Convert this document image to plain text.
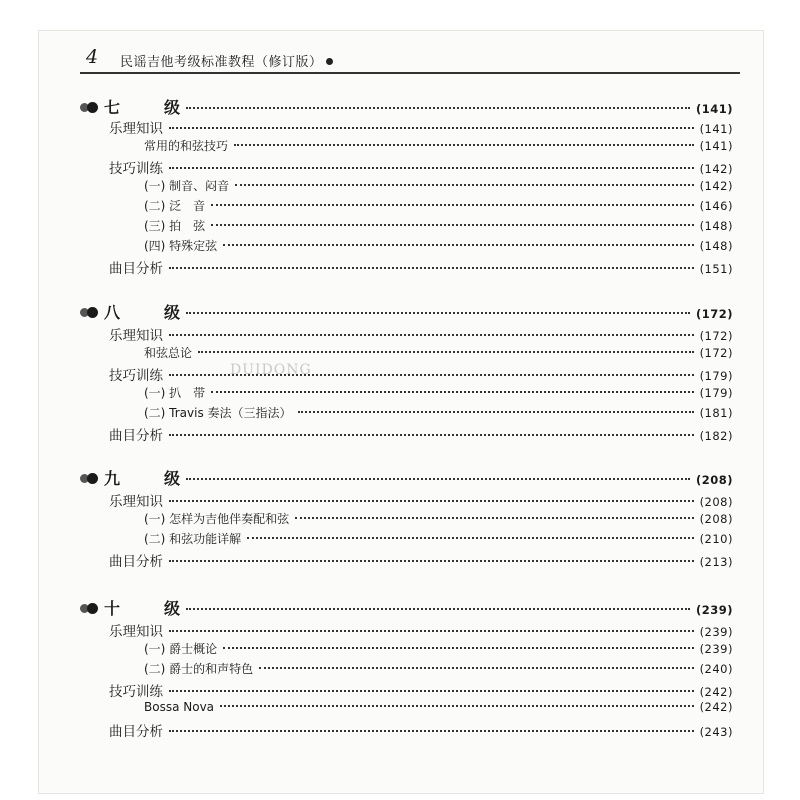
4 民谣吉他考级标准教程（修订版）
DUIDONG
七　级	(141)
乐理知识	(141)
常用的和弦技巧	(141)
技巧训练	(142)
(一) 制音、闷音	(142)
(二) 泛　音	(146)
(三) 拍　弦	(148)
(四) 特殊定弦	(148)
曲目分析	(151)
八　级	(172)
乐理知识	(172)
和弦总论	(172)
技巧训练	(179)
(一) 扒　带	(179)
(二) Travis 奏法（三指法）	(181)
曲目分析	(182)
九　级	(208)
乐理知识	(208)
(一) 怎样为吉他伴奏配和弦	(208)
(二) 和弦功能详解	(210)
曲目分析	(213)
十　级	(239)
乐理知识	(239)
(一) 爵士概论	(239)
(二) 爵士的和声特色	(240)
技巧训练	(242)
Bossa Nova	(242)
曲目分析	(243)
